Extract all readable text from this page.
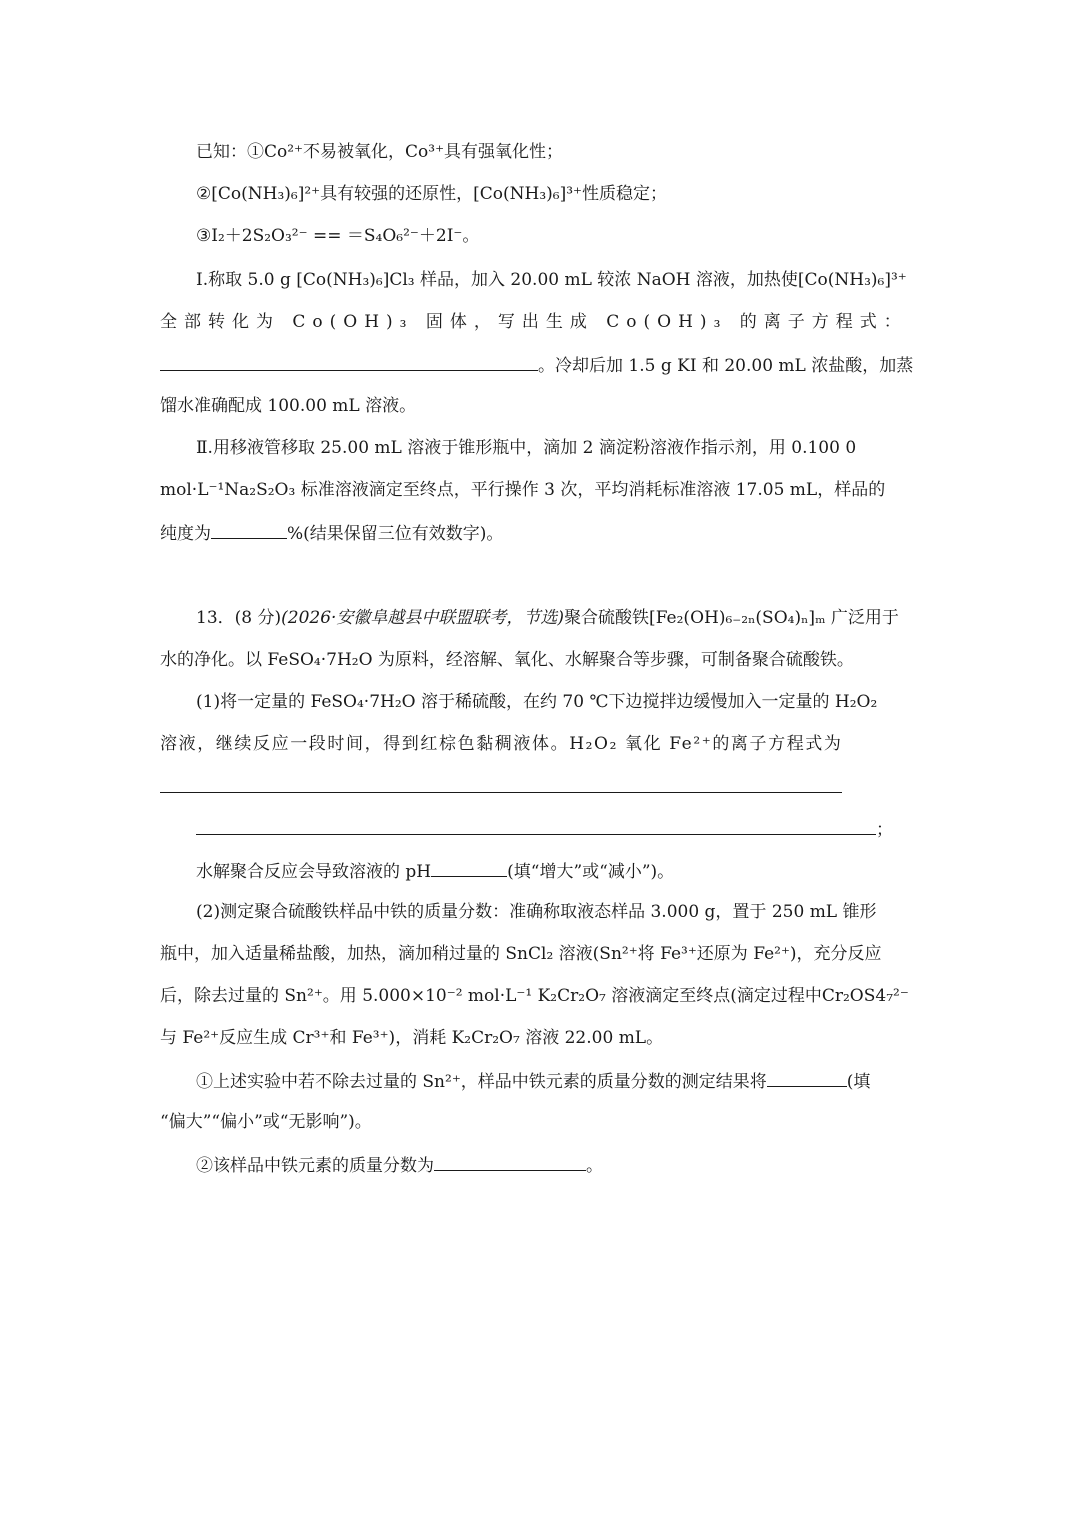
已知：①Co²⁺不易被氧化，Co³⁺具有强氧化性；
②[Co(NH₃)₆]²⁺具有较强的还原性，[Co(NH₃)₆]³⁺性质稳定；
③I₂＋2S₂O₃²⁻ == ＝S₄O₆²⁻＋2I⁻。
Ⅰ.称取 5.0 g [Co(NH₃)₆]Cl₃ 样品，加入 20.00 mL 较浓 NaOH 溶液，加热使[Co(NH₃)₆]³⁺
全部转化为 Co(OH)₃ 固体，写出生成 Co(OH)₃ 的离子方程式：
。冷却后加 1.5 g KI 和 20.00 mL 浓盐酸，加蒸
馏水准确配成 100.00 mL 溶液。
Ⅱ.用移液管移取 25.00 mL 溶液于锥形瓶中，滴加 2 滴淀粉溶液作指示剂，用 0.100 0
mol·L⁻¹Na₂S₂O₃ 标准溶液滴定至终点，平行操作 3 次，平均消耗标准溶液 17.05 mL，样品的
纯度为	%(结果保留三位有效数字)。
13．(8 分)(2026·安徽阜越县中联盟联考，节选)聚合硫酸铁[Fe₂(OH)₆₋₂ₙ(SO₄)ₙ]ₘ 广泛用于
水的净化。以 FeSO₄·7H₂O 为原料，经溶解、氧化、水解聚合等步骤，可制备聚合硫酸铁。
(1)将一定量的 FeSO₄·7H₂O 溶于稀硫酸，在约 70 ℃下边搅拌边缓慢加入一定量的 H₂O₂
溶液，继续反应一段时间，得到红棕色黏稠液体。H₂O₂ 氧化 Fe²⁺的离子方程式为
；
水解聚合反应会导致溶液的 pH	(填“增大”或“减小”)。
(2)测定聚合硫酸铁样品中铁的质量分数：准确称取液态样品 3.000 g，置于 250 mL 锥形
瓶中，加入适量稀盐酸，加热，滴加稍过量的 SnCl₂ 溶液(Sn²⁺将 Fe³⁺还原为 Fe²⁺)，充分反应
后，除去过量的 Sn²⁺。用 5.000×10⁻² mol·L⁻¹ K₂Cr₂O₇ 溶液滴定至终点(滴定过程中Cr₂OS4₇²⁻
与 Fe²⁺反应生成 Cr³⁺和 Fe³⁺)，消耗 K₂Cr₂O₇ 溶液 22.00 mL。
①上述实验中若不除去过量的 Sn²⁺，样品中铁元素的质量分数的测定结果将	(填
“偏大”“偏小”或“无影响”)。
②该样品中铁元素的质量分数为	。
